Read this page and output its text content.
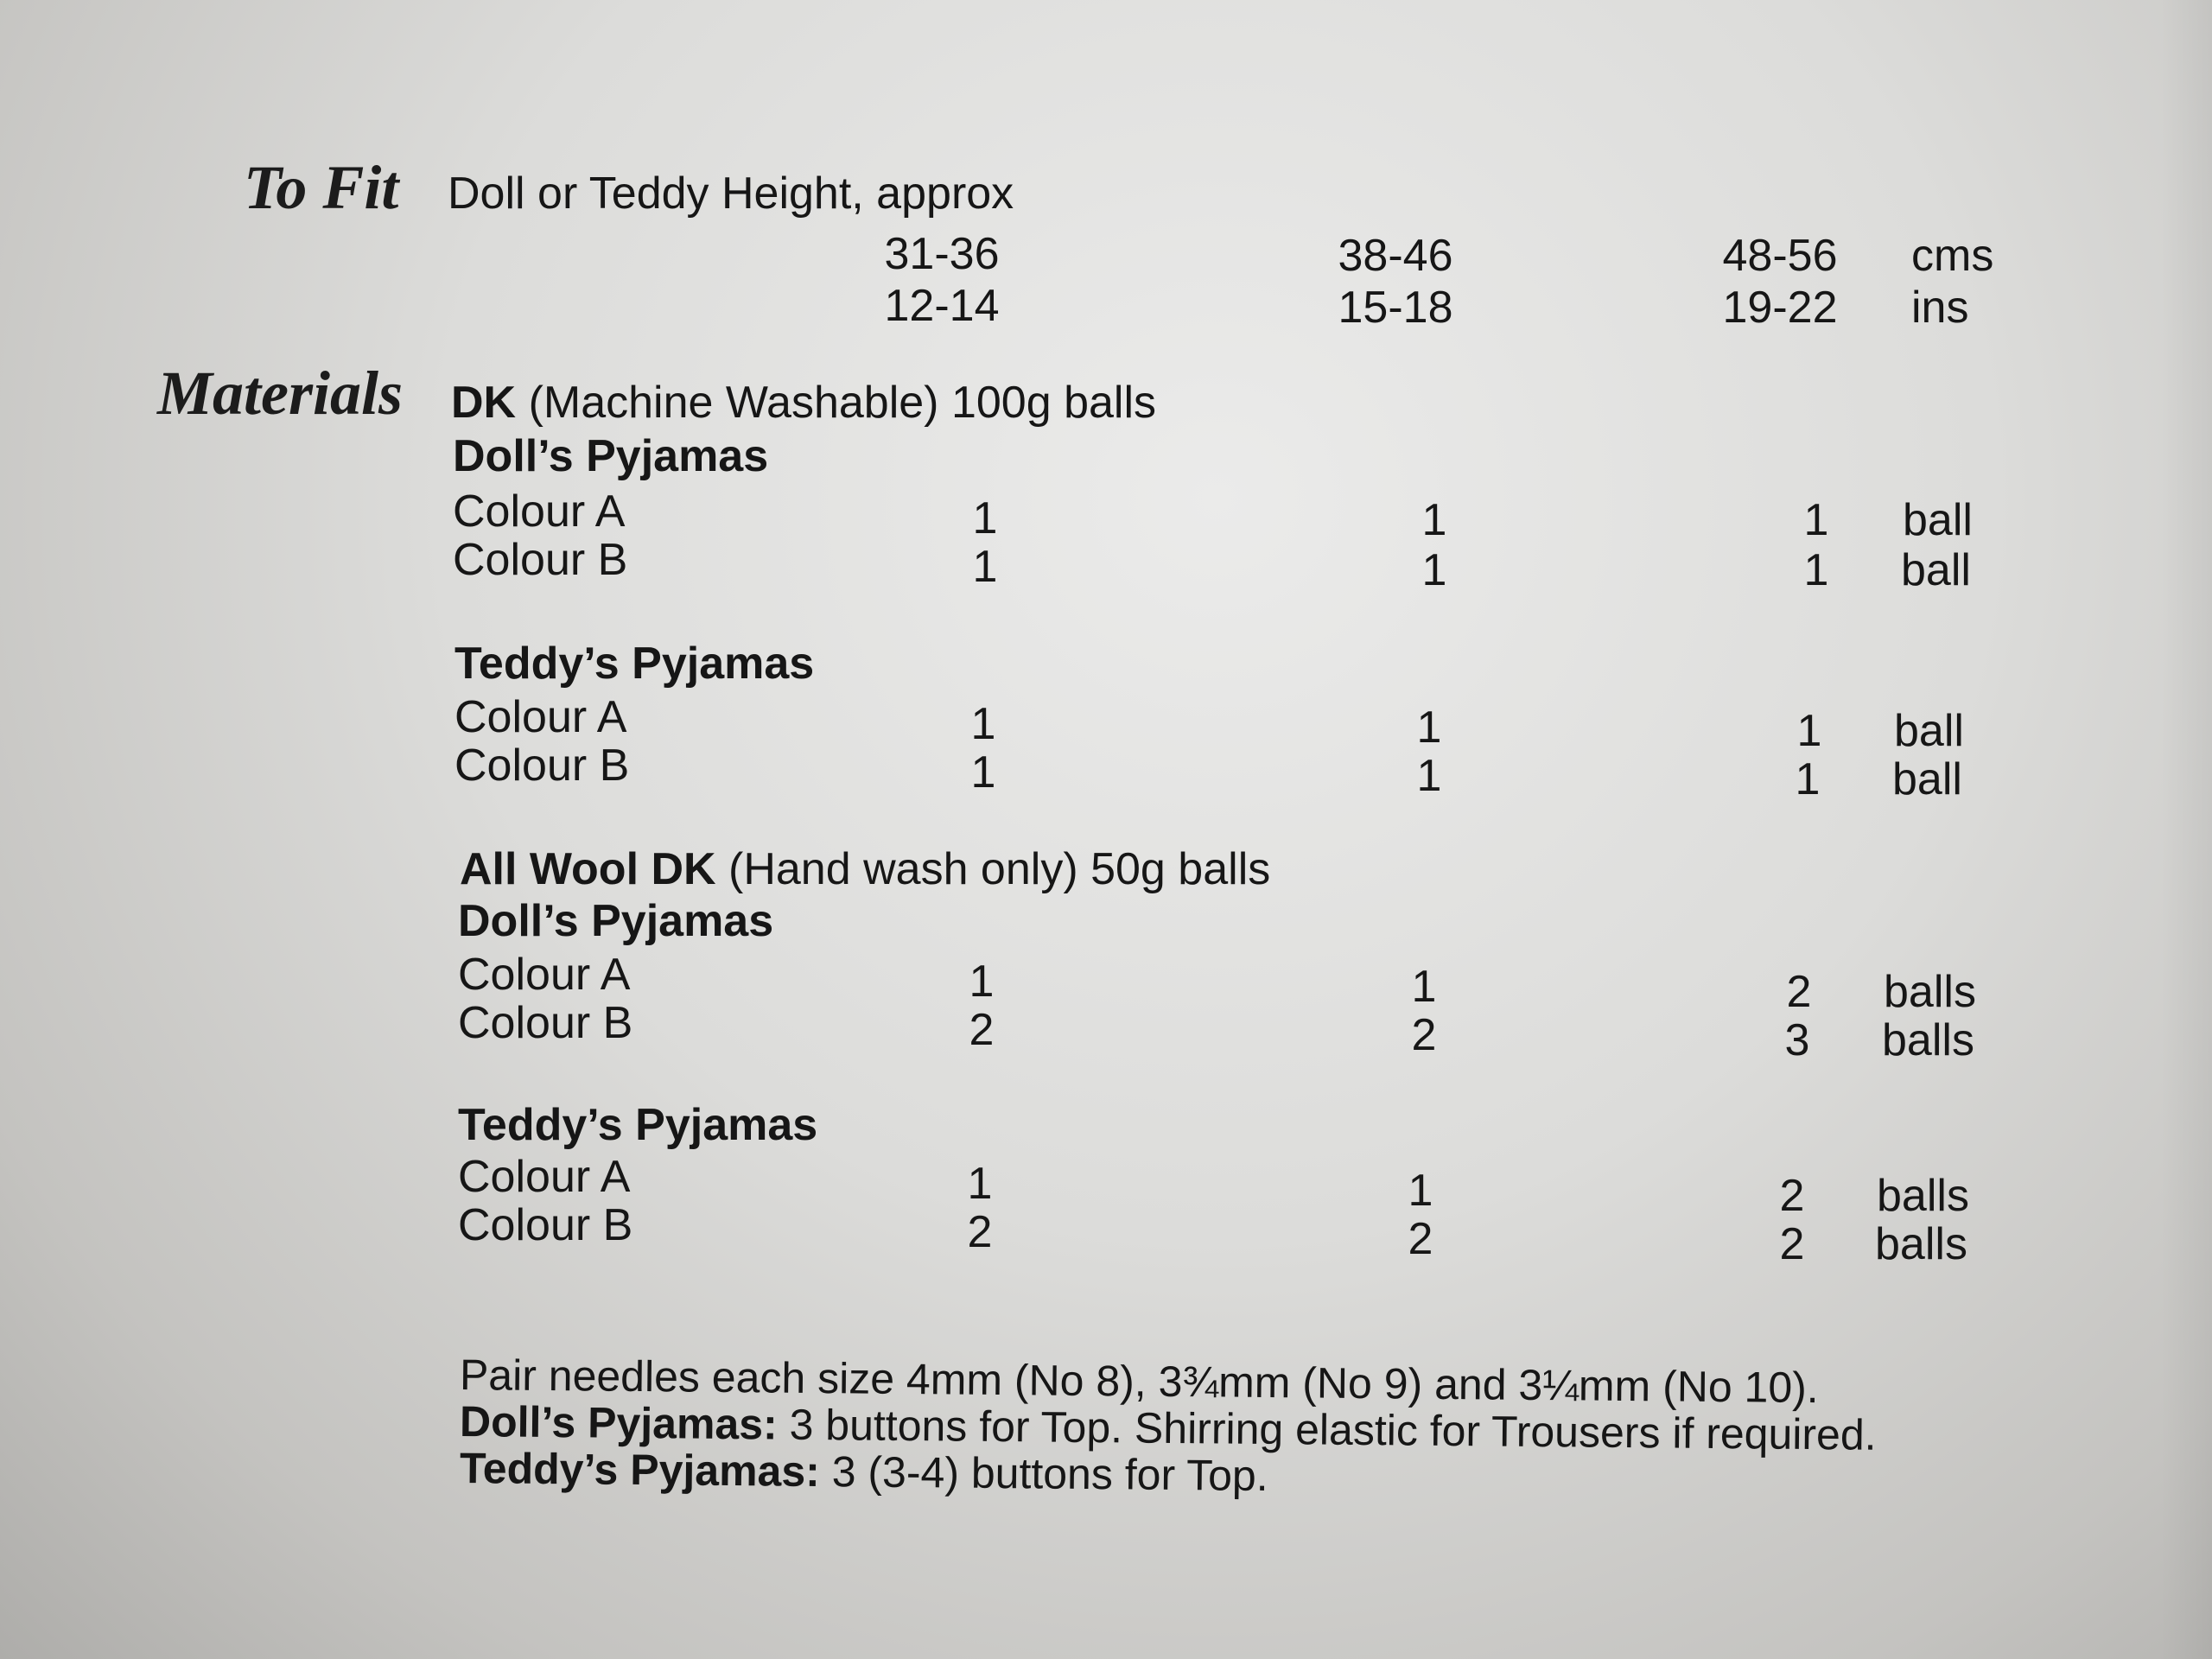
To Fit Doll or Teddy Height, approx
31-36	38-46	48-56 cms
12-14	15-18	19-22 ins
Materials DK (Machine Washable) 100g balls
Doll’s Pyjamas
Colour A	1	1	1	ball
Colour B	1	1	1	ball
Teddy’s Pyjamas
Colour A	1	1	1	ball
Colour B	1	1	1	ball
All Wool DK (Hand wash only) 50g balls
Doll’s Pyjamas
Colour A	1	1	2	balls
Colour B	2	2	3	balls
Teddy’s Pyjamas
Colour A	1	1	2	balls
Colour B	2	2	2	balls
Pair needles each size 4mm (No 8), 3¾mm (No 9) and 3¼mm (No 10).
Doll’s Pyjamas: 3 buttons for Top. Shirring elastic for Trousers if required.
Teddy’s Pyjamas: 3 (3-4) buttons for Top.
